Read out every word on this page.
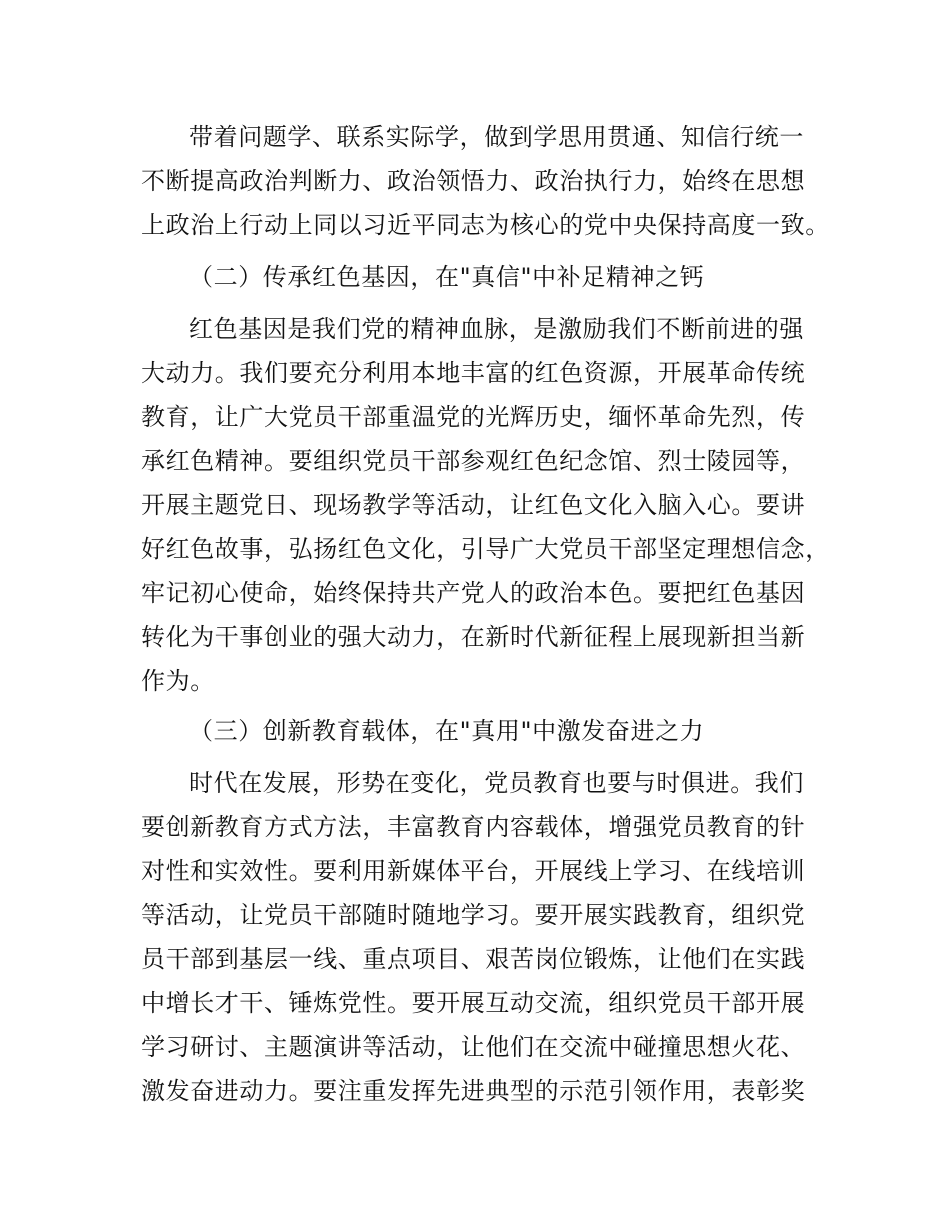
带着问题学、联系实际学，做到学思用贯通、知信行统一

不断提高政治判断力、政治领悟力、政治执行力，始终在思想

上政治上行动上同以习近平同志为核心的党中央保持高度一致。

（二）传承红色基因，在"真信"中补足精神之钙

红色基因是我们党的精神血脉，是激励我们不断前进的强

大动力。我们要充分利用本地丰富的红色资源，开展革命传统

教育，让广大党员干部重温党的光辉历史，缅怀革命先烈，传

承红色精神。要组织党员干部参观红色纪念馆、烈士陵园等，

开展主题党日、现场教学等活动，让红色文化入脑入心。要讲

好红色故事，弘扬红色文化，引导广大党员干部坚定理想信念，

牢记初心使命，始终保持共产党人的政治本色。要把红色基因

转化为干事创业的强大动力，在新时代新征程上展现新担当新

作为。

（三）创新教育载体，在"真用"中激发奋进之力

时代在发展，形势在变化，党员教育也要与时俱进。我们

要创新教育方式方法，丰富教育内容载体，增强党员教育的针

对性和实效性。要利用新媒体平台，开展线上学习、在线培训

等活动，让党员干部随时随地学习。要开展实践教育，组织党

员干部到基层一线、重点项目、艰苦岗位锻炼，让他们在实践

中增长才干、锤炼党性。要开展互动交流，组织党员干部开展

学习研讨、主题演讲等活动，让他们在交流中碰撞思想火花、

激发奋进动力。要注重发挥先进典型的示范引领作用，表彰奖
